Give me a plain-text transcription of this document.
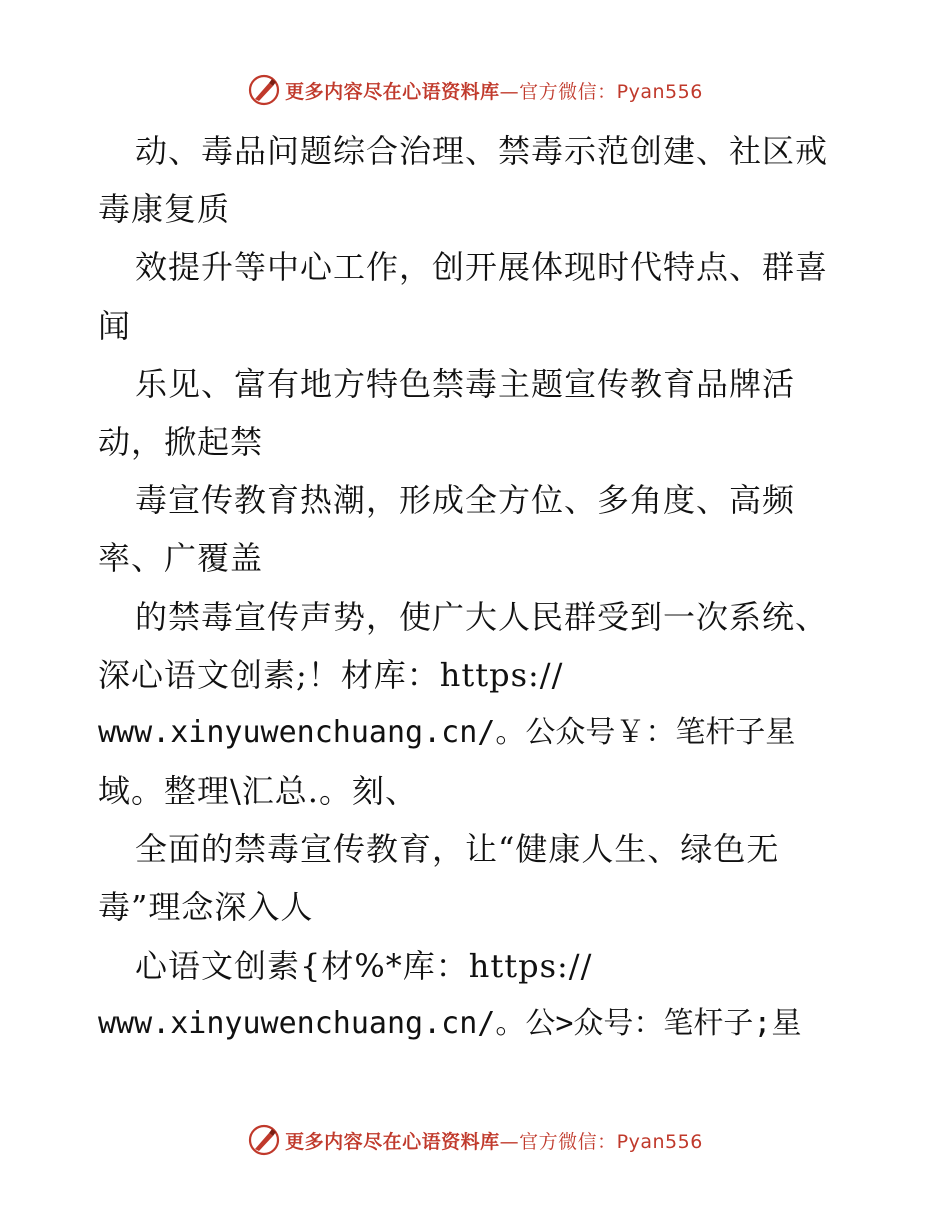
更多内容尽在心语资料库—官方微信：Pyan556
动、毒品问题综合治理、禁毒示范创建、社区戒
毒康复质
效提升等中心工作，创开展体现时代特点、群喜
闻
乐见、富有地方特色禁毒主题宣传教育品牌活
动，掀起禁
毒宣传教育热潮，形成全方位、多角度、高频
率、广覆盖
的禁毒宣传声势，使广大人民群受到一次系统、
深心语文创素;！材库：https://
www.xinyuwenchuang.cn/。公众号￥：笔杆子星
域。整理\汇总.。刻、
全面的禁毒宣传教育，让“健康人生、绿色无
毒”理念深入人
心语文创素{材%*库：https://
www.xinyuwenchuang.cn/。公>众号：笔杆子;星
更多内容尽在心语资料库—官方微信：Pyan556
